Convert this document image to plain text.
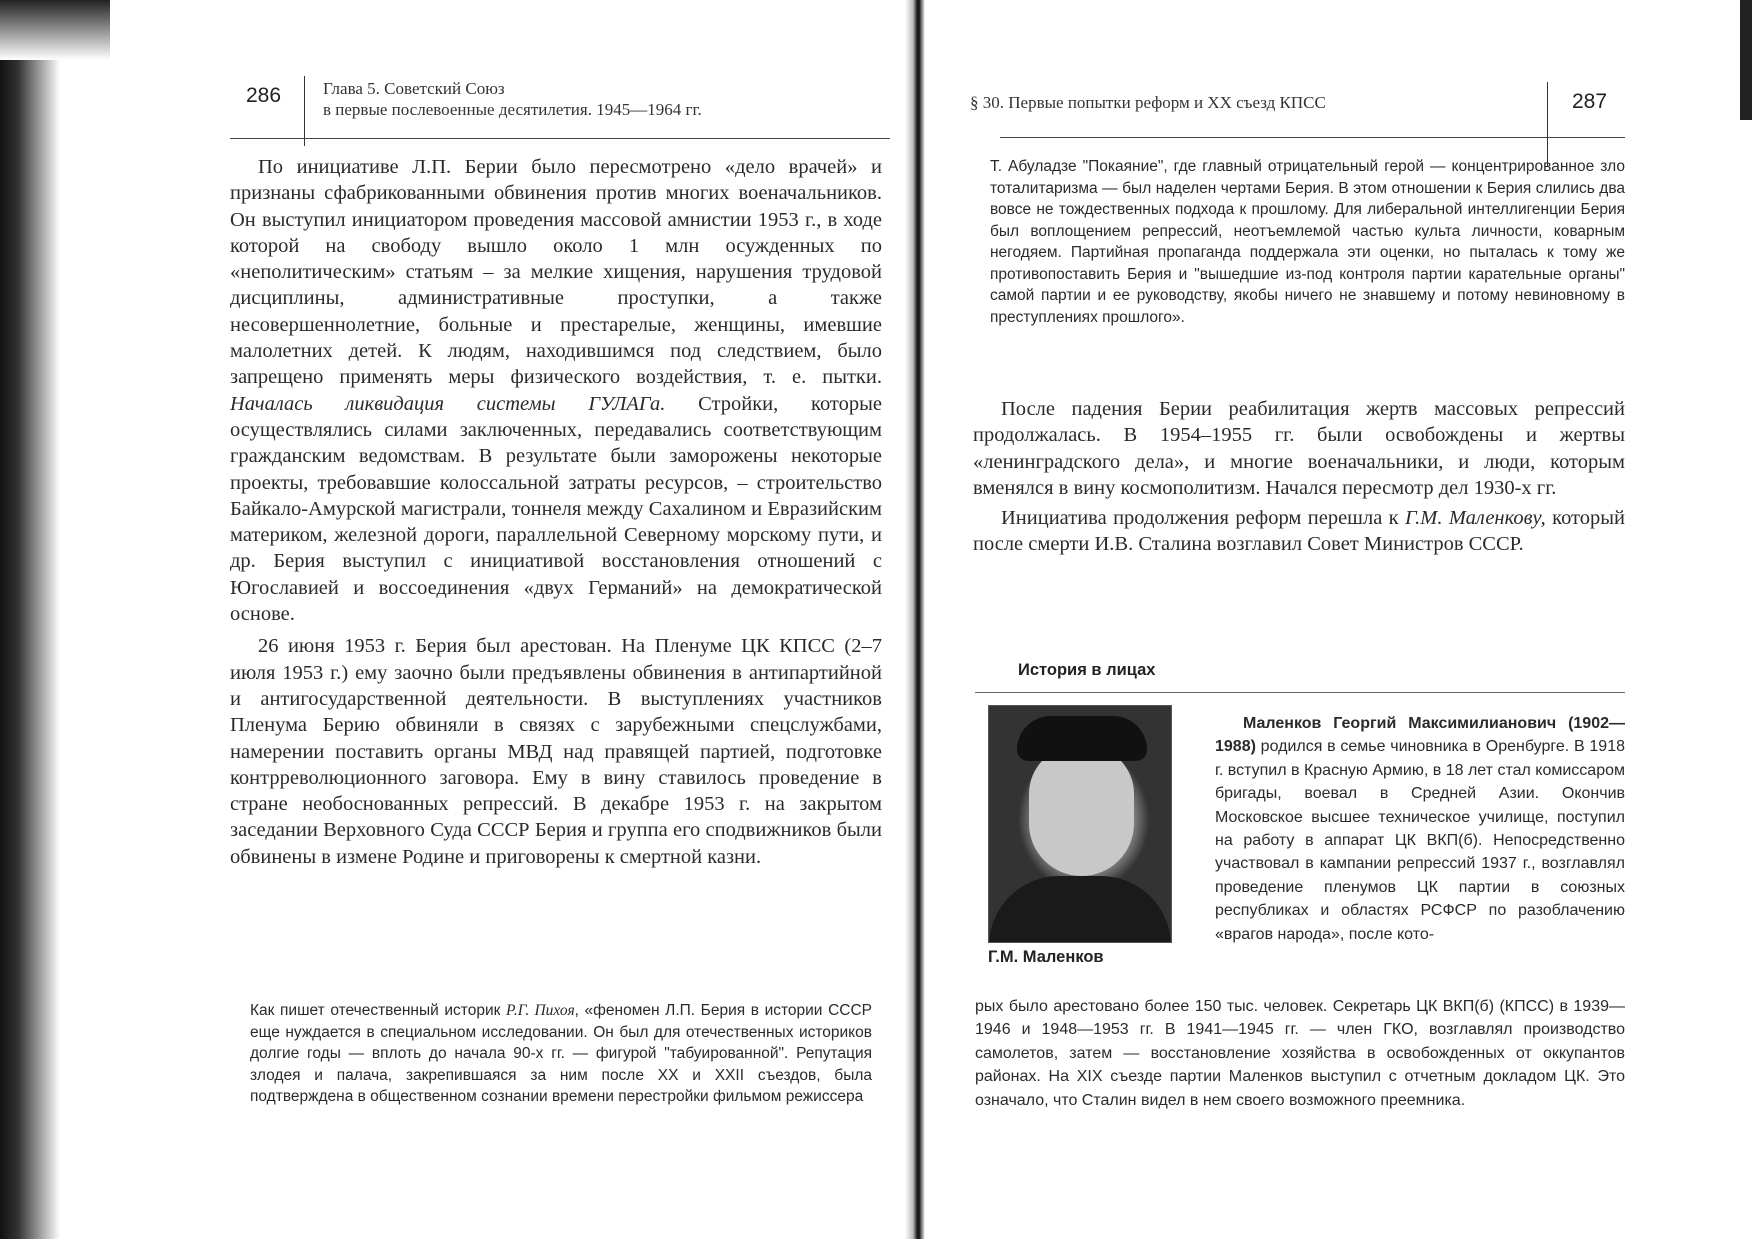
286 Глава 5. Советский Союз
в первые послевоенные десятилетия. 1945—1964 гг.

По инициативе Л.П. Берии было пересмотрено «дело врачей» и признаны сфабрикованными обвинения против многих военачальников. Он выступил инициатором проведения массовой амнистии 1953 г., в ходе которой на свободу вышло около 1 млн осужденных по «неполитическим» статьям – за мелкие хищения, нарушения трудовой дисциплины, административные проступки, а также несовершеннолетние, больные и престарелые, женщины, имевшие малолетних детей. К людям, находившимся под следствием, было запрещено применять меры физического воздействия, т. е. пытки. Началась ликвидация системы ГУЛАГа. Стройки, которые осуществлялись силами заключенных, передавались соответствующим гражданским ведомствам. В результате были заморожены некоторые проекты, требовавшие колоссальной затраты ресурсов, – строительство Байкало-Амурской магистрали, тоннеля между Сахалином и Евразийским материком, железной дороги, параллельной Северному морскому пути, и др. Берия выступил с инициативой восстановления отношений с Югославией и воссоединения «двух Германий» на демократической основе.

26 июня 1953 г. Берия был арестован. На Пленуме ЦК КПСС (2–7 июля 1953 г.) ему заочно были предъявлены обвинения в антипартийной и антигосударственной деятельности. В выступлениях участников Пленума Берию обвиняли в связях с зарубежными спецслужбами, намерении поставить органы МВД над правящей партией, подготовке контрреволюционного заговора. Ему в вину ставилось проведение в стране необоснованных репрессий. В декабре 1953 г. на закрытом заседании Верховного Суда СССР Берия и группа его сподвижников были обвинены в измене Родине и приговорены к смертной казни.

Как пишет отечественный историк Р.Г. Пихоя, «феномен Л.П. Берия в истории СССР еще нуждается в специальном исследовании. Он был для отечественных историков долгие годы — вплоть до начала 90-х гг. — фигурой "табуированной". Репутация злодея и палача, закрепившаяся за ним после XX и XXII съездов, была подтверждена в общественном сознании времени перестройки фильмом режиссера

§ 30. Первые попытки реформ и XX съезд КПСС	287

Т. Абуладзе "Покаяние", где главный отрицательный герой — концентрированное зло тоталитаризма — был наделен чертами Берия. В этом отношении к Берия слились два вовсе не тождественных подхода к прошлому. Для либеральной интеллигенции Берия был воплощением репрессий, неотъемлемой частью культа личности, коварным негодяем. Партийная пропаганда поддержала эти оценки, но пыталась к тому же противопоставить Берия и "вышедшие из-под контроля партии карательные органы" самой партии и ее руководству, якобы ничего не знавшему и потому невиновному в преступлениях прошлого».

После падения Берии реабилитация жертв массовых репрессий продолжалась. В 1954–1955 гг. были освобождены и жертвы «ленинградского дела», и многие военачальники, и люди, которым вменялся в вину космополитизм. Начался пересмотр дел 1930-х гг.

Инициатива продолжения реформ перешла к Г.М. Маленкову, который после смерти И.В. Сталина возглавил Совет Министров СССР.

История в лицах
Г.М. Маленков

Маленков Георгий Максимилианович (1902—1988) родился в семье чиновника в Оренбурге. В 1918 г. вступил в Красную Армию, в 18 лет стал комиссаром бригады, воевал в Средней Азии. Окончив Московское высшее техническое училище, поступил на работу в аппарат ЦК ВКП(б). Непосредственно участвовал в кампании репрессий 1937 г., возглавлял проведение пленумов ЦК партии в союзных республиках и областях РСФСР по разоблачению «врагов народа», после кото-

рых было арестовано более 150 тыс. человек. Секретарь ЦК ВКП(б) (КПСС) в 1939—1946 и 1948—1953 гг. В 1941—1945 гг. — член ГКО, возглавлял производство самолетов, затем — восстановление хозяйства в освобожденных от оккупантов районах. На XIX съезде партии Маленков выступил с отчетным докладом ЦК. Это означало, что Сталин видел в нем своего возможного преемника.
